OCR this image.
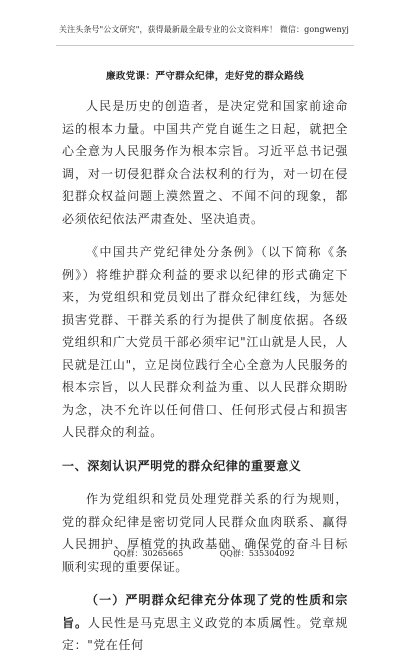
关注头条号"公文研究"，获得最新最全最专业的公文资料库！ 微信：gongwenyj
廉政党课：严守群众纪律，走好党的群众路线

人民是历史的创造者，是决定党和国家前途命运的根本力量。中国共产党自诞生之日起，就把全心全意为人民服务作为根本宗旨。习近平总书记强调，对一切侵犯群众合法权利的行为，对一切在侵犯群众权益问题上漠然置之、不闻不问的现象，都必须依纪依法严肃查处、坚决追责。

《中国共产党纪律处分条例》（以下简称《条例》）将维护群众利益的要求以纪律的形式确定下来，为党组织和党员划出了群众纪律红线，为惩处损害党群、干群关系的行为提供了制度依据。各级党组织和广大党员干部必须牢记"江山就是人民，人民就是江山"，立足岗位践行全心全意为人民服务的根本宗旨，以人民群众利益为重、以人民群众期盼为念，决不允许以任何借口、任何形式侵占和损害人民群众的利益。

一、深刻认识严明党的群众纪律的重要意义

作为党组织和党员处理党群关系的行为规则，党的群众纪律是密切党同人民群众血肉联系、赢得人民拥护、厚植党的执政基础、确保党的奋斗目标顺利实现的重要保证。

（一）严明群众纪律充分体现了党的性质和宗旨。人民性是马克思主义政党的本质属性。党章规定："党在任何

QQ群：30265665	QQ群：535304092
